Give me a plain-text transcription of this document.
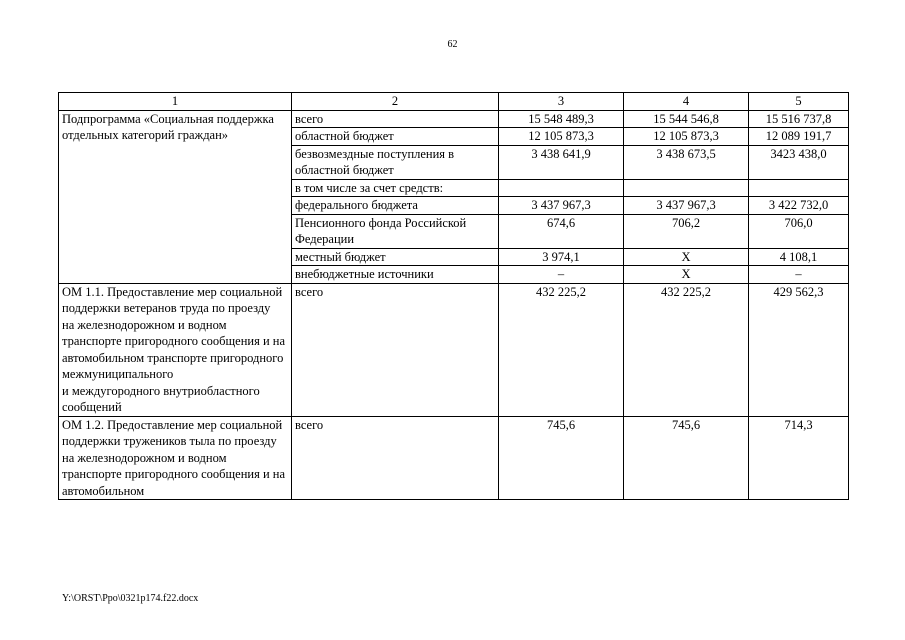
62
1	2	3	4	5
Подпрограмма «Социальная поддержка отдельных категорий граждан»	всего	15 548 489,3	15 544 546,8	15 516 737,8
	областной бюджет	12 105 873,3	12 105 873,3	12 089 191,7
	безвозмездные поступления в областной бюджет	3 438 641,9	3 438 673,5	3423 438,0
	в том числе за счет средств:			
	федерального бюджета	3 437 967,3	3 437 967,3	3 422 732,0
	Пенсионного фонда Российской Федерации	674,6	706,2	706,0
	местный бюджет	3 974,1	X	4 108,1
	внебюджетные источники	–	X	–
ОМ 1.1. Предоставление мер социальной поддержки ветеранов труда по проезду
на железнодорожном и водном транспорте пригородного сообщения и на автомобильном транспорте пригородного межмуниципального
и междугородного внутриобластного сообщений	всего	432 225,2	432 225,2	429 562,3
ОМ 1.2. Предоставление мер социальной поддержки тружеников тыла по проезду
на железнодорожном и водном транспорте пригородного сообщения и на автомобильном	всего	745,6	745,6	714,3
Y:\ORST\Ppo\0321p174.f22.docx
